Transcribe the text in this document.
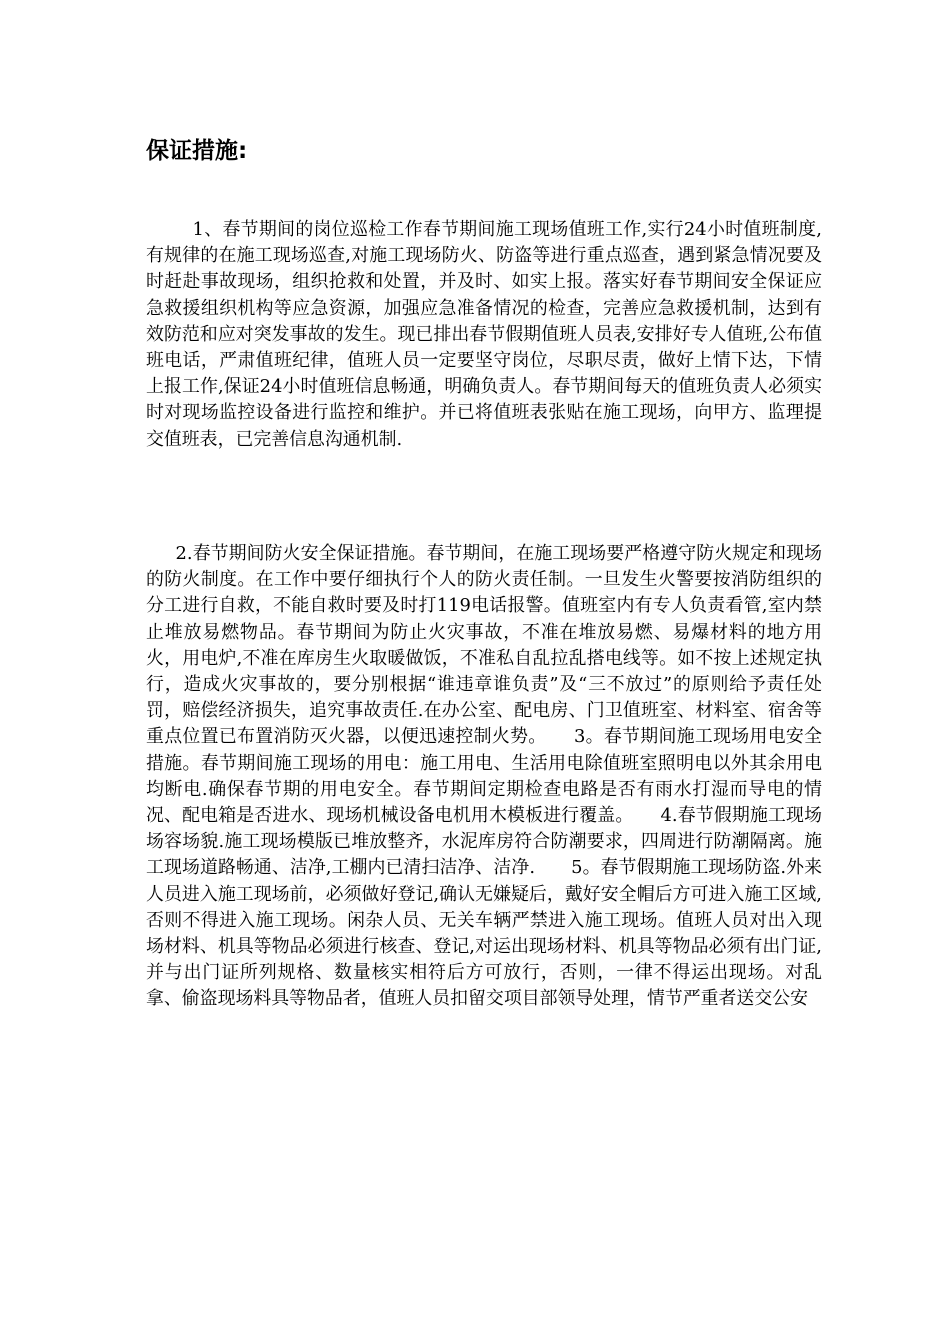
保证措施:

1、春节期间的岗位巡检工作春节期间施工现场值班工作,实行24小时值班制度,有规律的在施工现场巡查,对施工现场防火、防盗等进行重点巡查，遇到紧急情况要及时赶赴事故现场，组织抢救和处置，并及时、如实上报。落实好春节期间安全保证应急救援组织机构等应急资源，加强应急准备情况的检查，完善应急救援机制，达到有效防范和应对突发事故的发生。现已排出春节假期值班人员表,安排好专人值班,公布值班电话，严肃值班纪律，值班人员一定要坚守岗位，尽职尽责，做好上情下达，下情上报工作,保证24小时值班信息畅通，明确负责人。春节期间每天的值班负责人必须实时对现场监控设备进行监控和维护。并已将值班表张贴在施工现场，向甲方、监理提交值班表，已完善信息沟通机制.

2.春节期间防火安全保证措施。春节期间，在施工现场要严格遵守防火规定和现场的防火制度。在工作中要仔细执行个人的防火责任制。一旦发生火警要按消防组织的分工进行自救，不能自救时要及时打119电话报警。值班室内有专人负责看管,室内禁止堆放易燃物品。春节期间为防止火灾事故，不准在堆放易燃、易爆材料的地方用火，用电炉,不准在库房生火取暖做饭，不准私自乱拉乱搭电线等。如不按上述规定执行，造成火灾事故的，要分别根据“谁违章谁负责”及“三不放过”的原则给予责任处罚，赔偿经济损失，追究事故责任.在办公室、配电房、门卫值班室、材料室、宿舍等重点位置已布置消防灭火器，以便迅速控制火势。　　3。春节期间施工现场用电安全措施。春节期间施工现场的用电：施工用电、生活用电除值班室照明电以外其余用电均断电.确保春节期的用电安全。春节期间定期检查电路是否有雨水打湿而导电的情 况、配电箱是否进水、现场机械设备电机用木模板进行覆盖。　　4.春节假期施工现场场容场貌.施工现场模版已堆放整齐，水泥库房符合防潮要求，四周进行防潮隔离。施工现场道路畅通、洁净,工棚内已清扫洁净、洁净.　　5。春节假期施工现场防盗.外来人员进入施工现场前，必须做好登记,确认无嫌疑后，戴好安全帽后方可进入施工区域,否则不得进入施工现场。闲杂人员、无关车辆严禁进入施工现场。值班人员对出入现场材料、机具等物品必须进行核查、登记,对运出现场材料、机具等物品必须有出门证,并与出门证所列规格、数量核实相符后方可放行，否则，一律不得运出现场。对乱拿、偷盗现场料具等物品者，值班人员扣留交项目部领导处理，情节严重者送交公安
